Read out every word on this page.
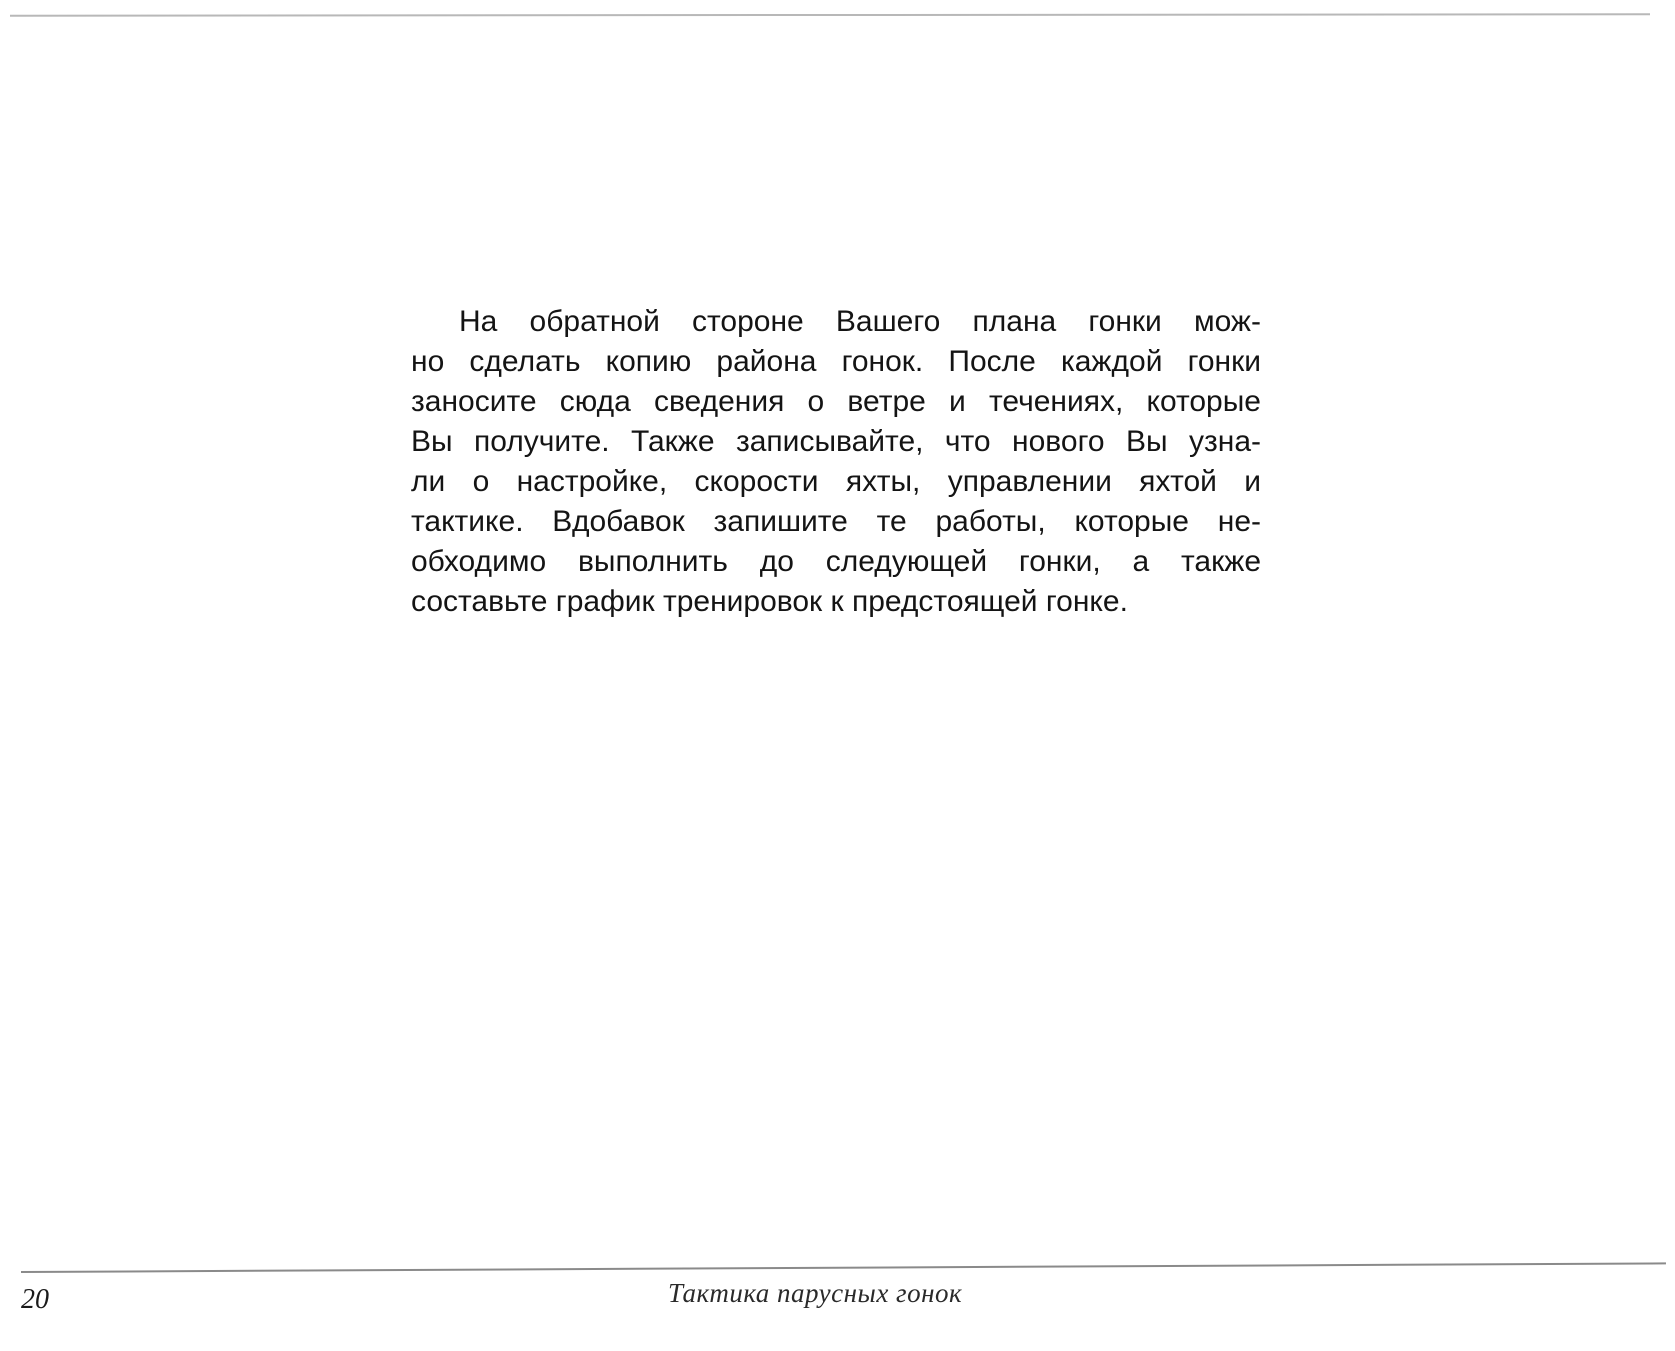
На обратной стороне Вашего плана гонки мож-
но сделать копию района гонок. После каждой гонки
заносите сюда сведения о ветре и течениях, которые
Вы получите. Также записывайте, что нового Вы узна-
ли о настройке, скорости яхты, управлении яхтой и
тактике. Вдобавок запишите те работы, которые не-
обходимо выполнить до следующей гонки, а также
составьте график тренировок к предстоящей гонке.
20	Тактика парусных гонок
